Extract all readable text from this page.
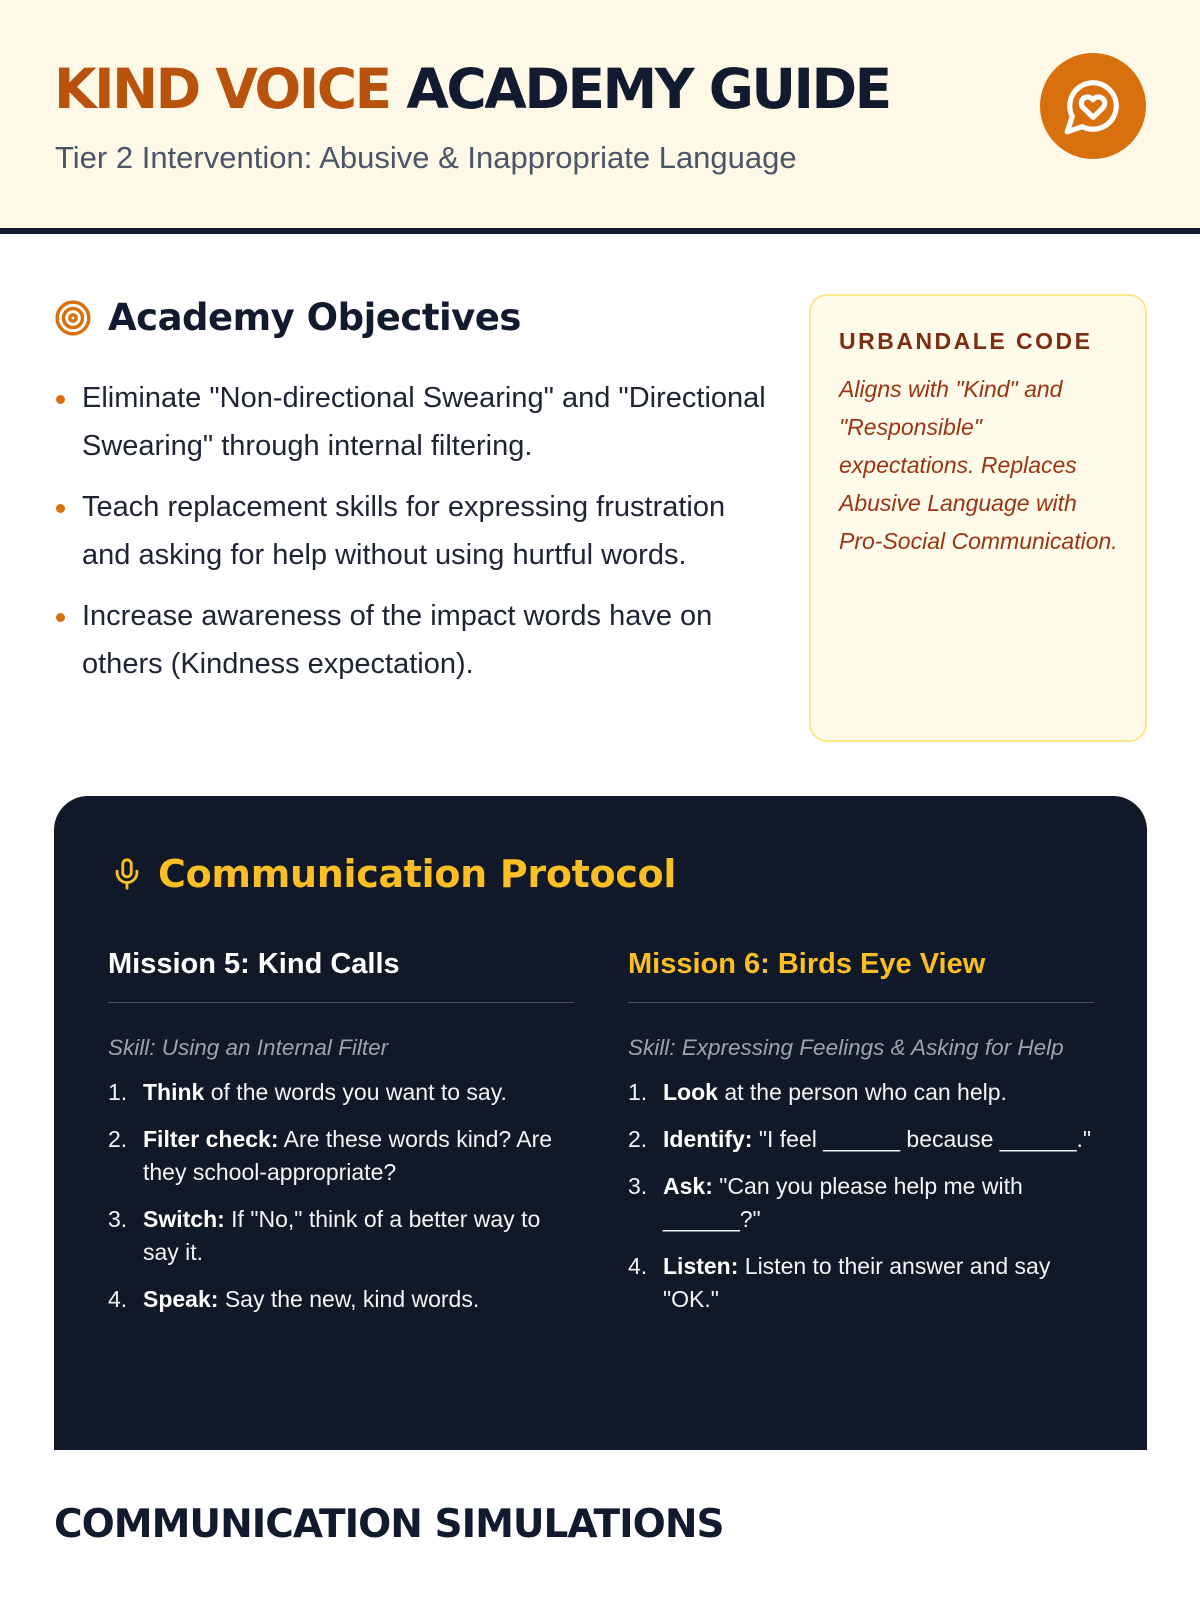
KIND VOICE ACADEMY GUIDE
Tier 2 Intervention: Abusive & Inappropriate Language
Academy Objectives
Eliminate "Non-directional Swearing" and "Directional Swearing" through internal filtering.
Teach replacement skills for expressing frustration and asking for help without using hurtful words.
Increase awareness of the impact words have on others (Kindness expectation).
URBANDALE CODE

Aligns with "Kind" and "Responsible" expectations. Replaces Abusive Language with Pro-Social Communication.

Communication Protocol
Mission 5: Kind Calls

Skill: Using an Internal Filter

1. Think of the words you want to say.
2. Filter check: Are these words kind? Are they school-appropriate?
3. Switch: If "No," think of a better way to say it.
4. Speak: Say the new, kind words.
Mission 6: Birds Eye View

Skill: Expressing Feelings & Asking for Help

1. Look at the person who can help.
2. Identify: "I feel ______ because ______."
3. Ask: "Can you please help me with ______?"
4. Listen: Listen to their answer and say "OK."
COMMUNICATION SIMULATIONS
